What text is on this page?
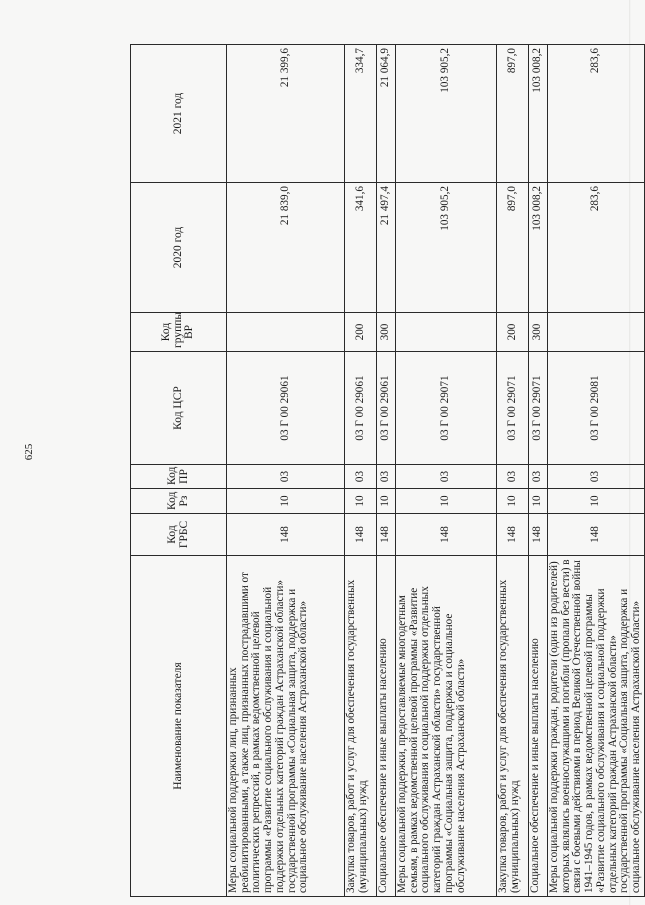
625
Наименование показателя	Код ГРБС	Код Рз	Код ПР	Код ЦСР	Код группы ВР	2020 год	2021 год
Меры социальной поддержки лиц, признанных реабилитированными, а также лиц, признанных пострадавшими от политических репрессий, в рамках ведомственной целевой программы «Развитие социального обслуживания и социальной поддержки отдельных категорий граждан Астраханской области» государственной программы «Социальная защита, поддержка и социальное обслуживание населения Астраханской области»	148	10	03	03 Г 00 29061		21 839,0	21 399,6
Закупка товаров, работ и услуг для обеспечения государственных (муниципальных) нужд	148	10	03	03 Г 00 29061	200	341,6	334,7
Социальное обеспечение и иные выплаты населению	148	10	03	03 Г 00 29061	300	21 497,4	21 064,9
Меры социальной поддержки, предоставляемые многодетным семьям, в рамках ведомственной целевой программы «Развитие социального обслуживания и социальной поддержки отдельных категорий граждан Астраханской области» государственной программы «Социальная защита, поддержка и социальное обслуживание населения Астраханской области»	148	10	03	03 Г 00 29071		103 905,2	103 905,2
Закупка товаров, работ и услуг для обеспечения государственных (муниципальных) нужд	148	10	03	03 Г 00 29071	200	897,0	897,0
Социальное обеспечение и иные выплаты населению	148	10	03	03 Г 00 29071	300	103 008,2	103 008,2
Меры социальной поддержки граждан, родители (один из родителей) которых являлись военнослужащими и погибли (пропали без вести) в связи с боевыми действиями в период Великой Отечественной войны 1941–1945 годов, в рамках ведомственной целевой программы «Развитие социального обслуживания и социальной поддержки отдельных категорий граждан Астраханской области» государственной программы «Социальная защита, поддержка и социальное обслуживание населения Астраханской области»	148	10	03	03 Г 00 29081		283,6	283,6
